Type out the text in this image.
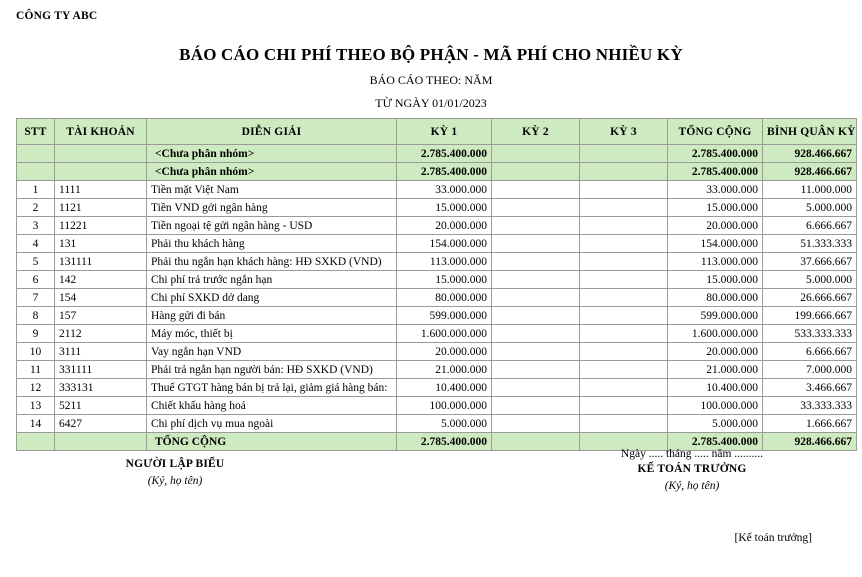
CÔNG TY ABC
BÁO CÁO CHI PHÍ THEO BỘ PHẬN - MÃ PHÍ CHO NHIỀU KỲ
BÁO CÁO THEO: NĂM
TỪ NGÀY 01/01/2023
STT	TÀI KHOẢN	DIỄN GIẢI	KỲ 1	KỲ 2	KỲ 3	TỔNG CỘNG	BÌNH QUÂN KỲ
		<Chưa phân nhóm>	2.785.400.000			2.785.400.000	928.466.667
		<Chưa phân nhóm>	2.785.400.000			2.785.400.000	928.466.667
1	1111	Tiền mặt Việt Nam	33.000.000			33.000.000	11.000.000
2	1121	Tiền VND gởi ngân hàng	15.000.000			15.000.000	5.000.000
3	11221	Tiền ngoại tệ gửi ngân hàng - USD	20.000.000			20.000.000	6.666.667
4	131	Phải thu khách hàng	154.000.000			154.000.000	51.333.333
5	131111	Phải thu ngắn hạn khách hàng: HĐ SXKD (VND)	113.000.000			113.000.000	37.666.667
6	142	Chi phí trả trước ngắn hạn	15.000.000			15.000.000	5.000.000
7	154	Chi phí SXKD dở dang	80.000.000			80.000.000	26.666.667
8	157	Hàng gửi đi bán	599.000.000			599.000.000	199.666.667
9	2112	Máy móc, thiết bị	1.600.000.000			1.600.000.000	533.333.333
10	3111	Vay ngắn hạn VND	20.000.000			20.000.000	6.666.667
11	331111	Phải trả ngắn hạn người bán: HĐ SXKD (VND)	21.000.000			21.000.000	7.000.000
12	333131	Thuế GTGT hàng bán bị trả lại, giảm giá hàng bán:	10.400.000			10.400.000	3.466.667
13	5211	Chiết khấu hàng hoá	100.000.000			100.000.000	33.333.333
14	6427	Chi phí dịch vụ mua ngoài	5.000.000			5.000.000	1.666.667
		TỔNG CỘNG	2.785.400.000			2.785.400.000	928.466.667
NGƯỜI LẬP BIỂU
(Ký, họ tên)
Ngày ..... tháng ..... năm ..........
KẾ TOÁN TRƯỞNG
(Ký, họ tên)
[Kế toán trưởng]
